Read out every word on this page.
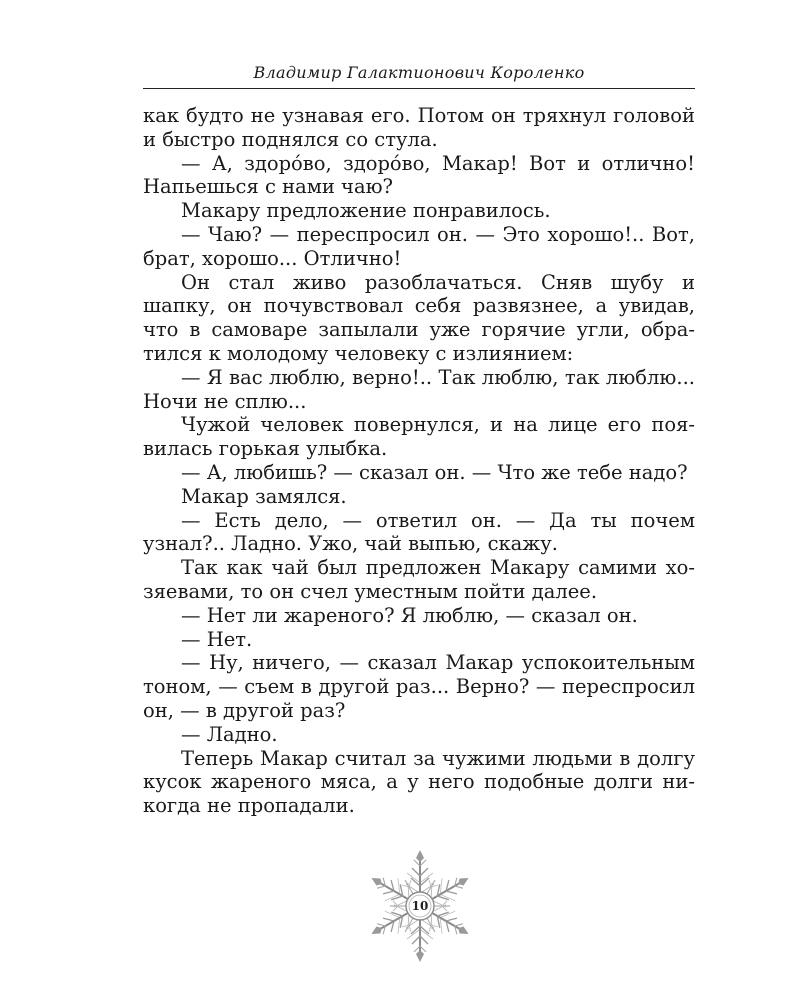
Владимир Галактионович Короленко

как будто не узнавая его. Потом он тряхнул головой и быстро поднялся со стула.

— А, здоро́во, здоро́во, Макар! Вот и отлично! Напьешься с нами чаю?

Макару предложение понравилось.

— Чаю? — переспросил он. — Это хорошо!.. Вот, брат, хорошо... Отлично!

Он стал живо разоблачаться. Сняв шубу и шапку, он почувствовал себя развязнее, а увидав, что в самоваре запылали уже горячие угли, обратился к молодому человеку с излиянием:

— Я вас люблю, верно!.. Так люблю, так люблю... Ночи не сплю...

Чужой человек повернулся, и на лице его появилась горькая улыбка.

— А, любишь? — сказал он. — Что же тебе надо?

Макар замялся.

— Есть дело, — ответил он. — Да ты почем узнал?.. Ладно. Ужо, чай выпью, скажу.

Так как чай был предложен Макару самими хозяевами, то он счел уместным пойти далее.

— Нет ли жареного? Я люблю, — сказал он.

— Нет.

— Ну, ничего, — сказал Макар успокоительным тоном, — съем в другой раз... Верно? — переспросил он, — в другой раз?

— Ладно.

Теперь Макар считал за чужими людьми в долгу кусок жареного мяса, а у него подобные долги никогда не пропадали.

10
